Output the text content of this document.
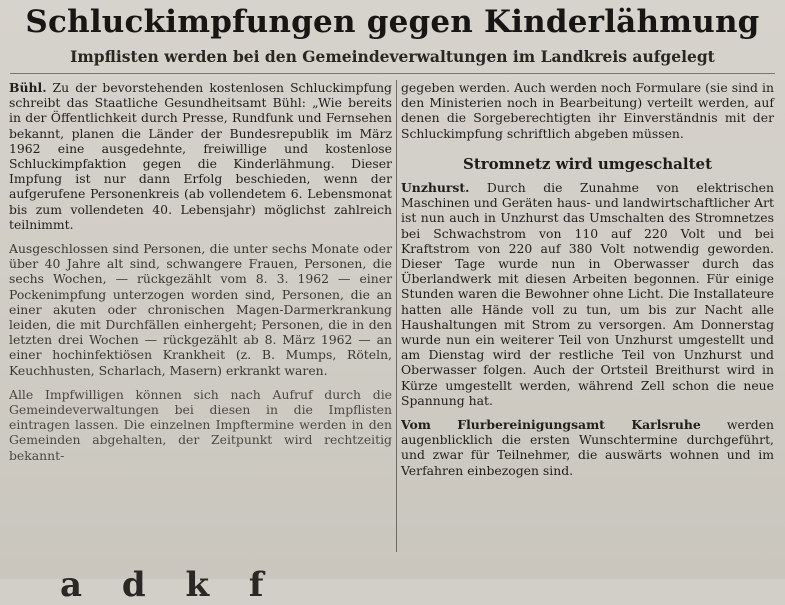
Schluckimpfungen gegen Kinderlähmung
Impflisten werden bei den Gemeindeverwaltungen im Landkreis aufgelegt

Bühl. Zu der bevorstehenden kostenlosen Schluckimpfung schreibt das Staatliche Gesundheitsamt Bühl: „Wie bereits in der Öffentlichkeit durch Presse, Rundfunk und Fernsehen bekannt, planen die Länder der Bundesrepublik im März 1962 eine ausgedehnte, freiwillige und kostenlose Schluckimpfaktion gegen die Kinderlähmung. Dieser Impfung ist nur dann Erfolg beschieden, wenn der aufgerufene Personenkreis (ab vollendetem 6. Lebensmonat bis zum vollendeten 40. Lebensjahr) möglichst zahlreich teilnimmt.

Ausgeschlossen sind Personen, die unter sechs Monate oder über 40 Jahre alt sind, schwangere Frauen, Personen, die sechs Wochen, — rückgezählt vom 8. 3. 1962 — einer Pockenimpfung unterzogen worden sind, Personen, die an einer akuten oder chronischen Magen-Darmerkrankung leiden, die mit Durchfällen einhergeht; Personen, die in den letzten drei Wochen — rückgezählt ab 8. März 1962 — an einer hochinfektiösen Krankheit (z. B. Mumps, Röteln, Keuchhusten, Scharlach, Masern) erkrankt waren.

Alle Impfwilligen können sich nach Aufruf durch die Gemeindeverwaltungen bei diesen in die Impflisten eintragen lassen. Die einzelnen Impftermine werden in den Gemeinden abgehalten, der Zeitpunkt wird rechtzeitig bekannt-

gegeben werden. Auch werden noch Formulare (sie sind in den Ministerien noch in Bearbeitung) verteilt werden, auf denen die Sorgeberechtigten ihr Einverständnis mit der Schluckimpfung schriftlich abgeben müssen.

Stromnetz wird umgeschaltet

Unzhurst. Durch die Zunahme von elektrischen Maschinen und Geräten haus- und landwirtschaftlicher Art ist nun auch in Unzhurst das Umschalten des Stromnetzes bei Schwachstrom von 110 auf 220 Volt und bei Kraftstrom von 220 auf 380 Volt notwendig geworden. Dieser Tage wurde nun in Oberwasser durch das Überlandwerk mit diesen Arbeiten begonnen. Für einige Stunden waren die Bewohner ohne Licht. Die Installateure hatten alle Hände voll zu tun, um bis zur Nacht alle Haushaltungen mit Strom zu versorgen. Am Donnerstag wurde nun ein weiterer Teil von Unzhurst umgestellt und am Dienstag wird der restliche Teil von Unzhurst und Oberwasser folgen. Auch der Ortsteil Breithurst wird in Kürze umgestellt werden, während Zell schon die neue Spannung hat.

Vom Flurbereinigungsamt Karlsruhe werden augenblicklich die ersten Wunschtermine durchgeführt, und zwar für Teilnehmer, die auswärts wohnen und im Verfahren einbezogen sind.

a d k f
